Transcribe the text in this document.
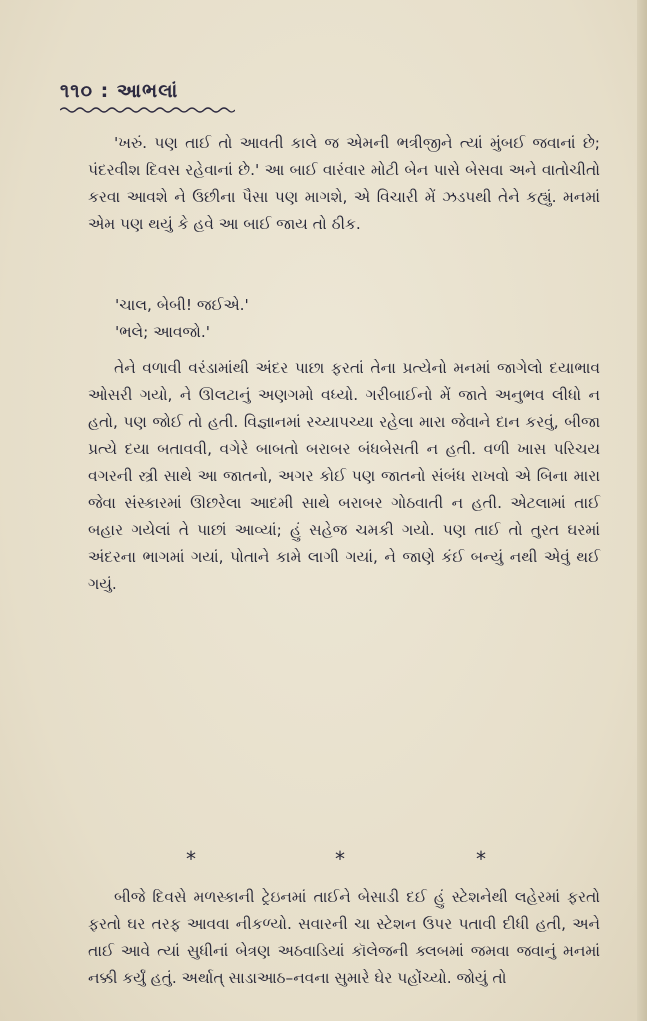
૧૧૦ : આભલાં

'ખરું. પણ તાઈ તો આવતી કાલે જ એમની ભત્રીજીને ત્યાં મુંબઈ જવાનાં છે; પંદરવીશ દિવસ રહેવાનાં છે.' આ બાઈ વારંવાર મોટી બેન પાસે બેસવા અને વાતોચીતો કરવા આવશે ને ઉછીના પૈસા પણ માગશે, એ વિચારી મેં ઝડપથી તેને કહ્યું. મનમાં એમ પણ થયું કે હવે આ બાઈ જાય તો ઠીક.

'ચાલ, બેબી! જઈએ.'

'ભલે; આવજો.'

તેને વળાવી વરંડામાંથી અંદર પાછા ફરતાં તેના પ્રત્યેનો મનમાં જાગેલો દયાભાવ ઓસરી ગયો, ને ઊલટાનું અણગમો વધ્યો. ગરીબાઈનો મેં જાતે અનુભવ લીધો ન હતો, પણ જોઈ તો હતી. વિજ્ઞાનમાં રચ્યાપચ્યા રહેલા મારા જેવાને દાન કરવું, બીજા પ્રત્યે દયા બતાવવી, વગેરે બાબતો બરાબર બંધબેસતી ન હતી. વળી ખાસ પરિચય વગરની સ્ત્રી સાથે આ જાતનો, અગર કોઈ પણ જાતનો સંબંધ રાખવો એ બિના મારા જેવા સંસ્કારમાં ઊછરેલા આદમી સાથે બરાબર ગોઠવાતી ન હતી. એટલામાં તાઈ બહાર ગયેલાં તે પાછાં આવ્યાં; હું સહેજ ચમકી ગયો. પણ તાઈ તો તુરત ઘરમાં અંદરના ભાગમાં ગયાં, પોતાને કામે લાગી ગયાં, ને જાણે કંઈ બન્યું નથી એવું થઈ ગયું.

*	*	*

બીજે દિવસે મળસ્કાની ટ્રેઇનમાં તાઈને બેસાડી દઈ હું સ્ટેશનેથી લહેરમાં ફરતો ફરતો ઘર તરફ આવવા નીકળ્યો. સવારની ચા સ્ટેશન ઉપર પતાવી દીધી હતી, અને તાઈ આવે ત્યાં સુધીનાં બેત્રણ અઠવાડિયાં કૉલેજની ક્લબમાં જમવા જવાનું મનમાં નક્કી કર્યું હતું. અર્થાત્ સાડાઆઠ–નવના સુમારે ઘેર પહોંચ્યો. જોયું તો
